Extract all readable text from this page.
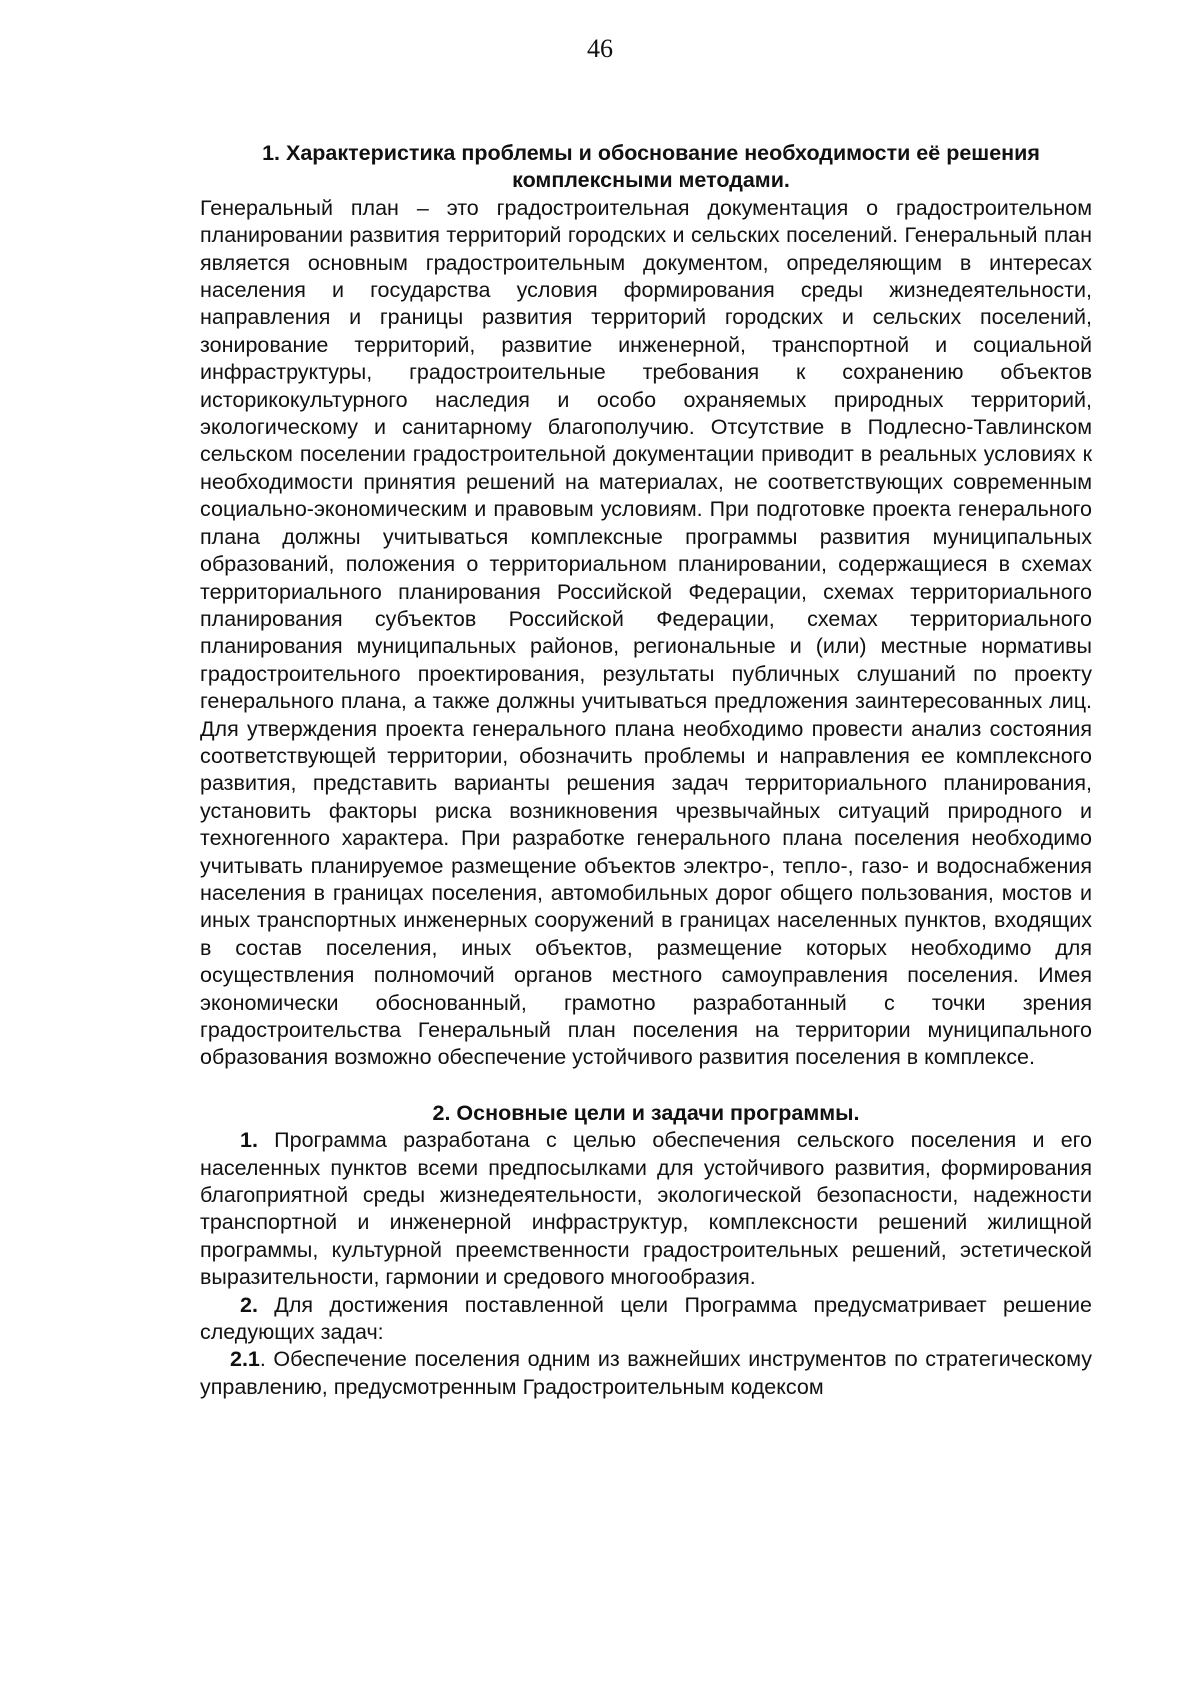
46

1. Характеристика проблемы и обоснование необходимости её решения комплексными методами.

Генеральный план – это градостроительная документация о градостроительном планировании развития территорий городских и сельских поселений. Генеральный план является основным градостроительным документом, определяющим в интересах населения и государства условия формирования среды жизнедеятельности, направления и границы развития территорий городских и сельских поселений, зонирование территорий, развитие инженерной, транспортной и социальной инфраструктуры, градостроительные требования к сохранению объектов историкокультурного наследия и особо охраняемых природных территорий, экологическому и санитарному благополучию. Отсутствие в Подлесно-Тавлинском сельском поселении градостроительной документации приводит в реальных условиях к необходимости принятия решений на материалах, не соответствующих современным социально-экономическим и правовым условиям. При подготовке проекта генерального плана должны учитываться комплексные программы развития муниципальных образований, положения о территориальном планировании, содержащиеся в схемах территориального планирования Российской Федерации, схемах территориального планирования субъектов Российской Федерации, схемах территориального планирования муниципальных районов, региональные и (или) местные нормативы градостроительного проектирования, результаты публичных слушаний по проекту генерального плана, а также должны учитываться предложения заинтересованных лиц. Для утверждения проекта генерального плана необходимо провести анализ состояния соответствующей территории, обозначить проблемы и направления ее комплексного развития, представить варианты решения задач территориального планирования, установить факторы риска возникновения чрезвычайных ситуаций природного и техногенного характера. При разработке генерального плана поселения необходимо учитывать планируемое размещение объектов электро-, тепло-, газо- и водоснабжения населения в границах поселения, автомобильных дорог общего пользования, мостов и иных транспортных инженерных сооружений в границах населенных пунктов, входящих в состав поселения, иных объектов, размещение которых необходимо для осуществления полномочий органов местного самоуправления поселения. Имея экономически обоснованный, грамотно разработанный с точки зрения градостроительства Генеральный план поселения на территории муниципального образования возможно обеспечение устойчивого развития поселения в комплексе.

2. Основные цели и задачи программы.

1. Программа разработана с целью обеспечения сельского поселения и его населенных пунктов всеми предпосылками для устойчивого развития, формирования благоприятной среды жизнедеятельности, экологической безопасности, надежности транспортной и инженерной инфраструктур, комплексности решений жилищной программы, культурной преемственности градостроительных решений, эстетической выразительности, гармонии и средового многообразия.

2. Для достижения поставленной цели Программа предусматривает решение следующих задач:

2.1. Обеспечение поселения одним из важнейших инструментов по стратегическому управлению, предусмотренным Градостроительным кодексом
